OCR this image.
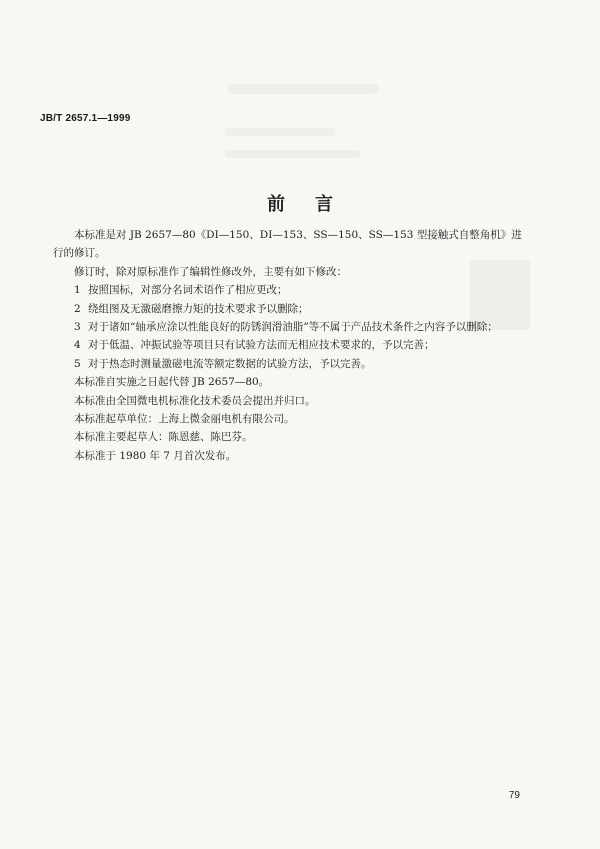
JB/T 2657.1—1999
前言

本标准是对 JB 2657—80《DI—150、DI—153、SS—150、SS—153 型接触式自整角机》进行的修订。

修订时，除对原标准作了编辑性修改外，主要有如下修改：

1 按照国标，对部分名词术语作了相应更改；
2 绕组图及无激磁磨擦力矩的技术要求予以删除；
3 对于诸如“轴承应涂以性能良好的防锈润滑油脂”等不属于产品技术条件之内容予以删除；
4 对于低温、冲振试验等项目只有试验方法而无相应技术要求的，予以完善；
5 对于热态时测量激磁电流等额定数据的试验方法，予以完善。

本标准自实施之日起代替 JB 2657—80。

本标准由全国微电机标准化技术委员会提出并归口。

本标准起草单位：上海上微金丽电机有限公司。

本标准主要起草人：陈恩慈、陈巴芬。

本标准于 1980 年 7 月首次发布。

79
